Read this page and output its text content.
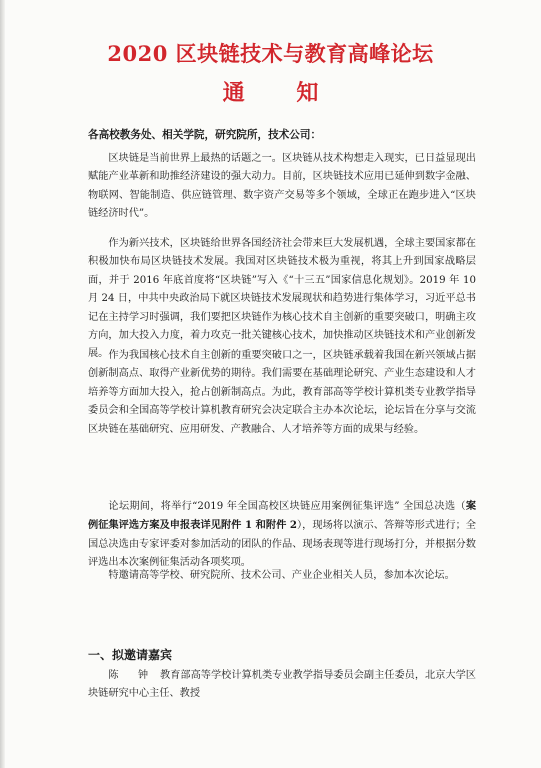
2020 区块链技术与教育高峰论坛
通 知
各高校教务处、相关学院，研究院所，技术公司：

区块链是当前世界上最热的话题之一。区块链从技术构想走入现实，已日益显现出赋能产业革新和助推经济建设的强大动力。目前，区块链技术应用已延伸到数字金融、物联网、智能制造、供应链管理、数字资产交易等多个领域，全球正在跑步进入“区块链经济时代”。

作为新兴技术，区块链给世界各国经济社会带来巨大发展机遇，全球主要国家都在积极加快布局区块链技术发展。我国对区块链技术极为重视，将其上升到国家战略层面，并于 2016 年底首度将“区块链”写入《“十三五”国家信息化规划》。2019 年 10 月 24 日，中共中央政治局下就区块链技术发展现状和趋势进行集体学习，习近平总书记在主持学习时强调，我们要把区块链作为核心技术自主创新的重要突破口，明确主攻方向，加大投入力度，着力攻克一批关键核心技术，加快推动区块链技术和产业创新发展。 作为我国核心技术自主创新的重要突破口之一，区块链承载着我国在新兴领域占据创新制高点、取得产业新优势的期待。我们需要在基础理论研究、产业生态建设和人才培养等方面加大投入，抢占创新制高点。为此，教育部高等学校计算机类专业教学指导委员会和全国高等学校计算机教育研究会决定联合主办本次论坛，论坛旨在分享与交流区块链在基础研究、应用研发、产教融合、人才培养等方面的成果与经验。

论坛期间，将举行“2019 年全国高校区块链应用案例征集评选” 全国总决选（案例征集评选方案及申报表详见附件 1 和附件 2），现场将以演示、答辩等形式进行；全国总决选由专家评委对参加活动的团队的作品、现场表现等进行现场打分，并根据分数评选出本次案例征集活动各项奖项。

特邀请高等学校、研究院所、技术公司、产业企业相关人员，参加本次论坛。

一、拟邀请嘉宾

陈 钟 教育部高等学校计算机类专业教学指导委员会副主任委员，北京大学区块链研究中心主任、教授
